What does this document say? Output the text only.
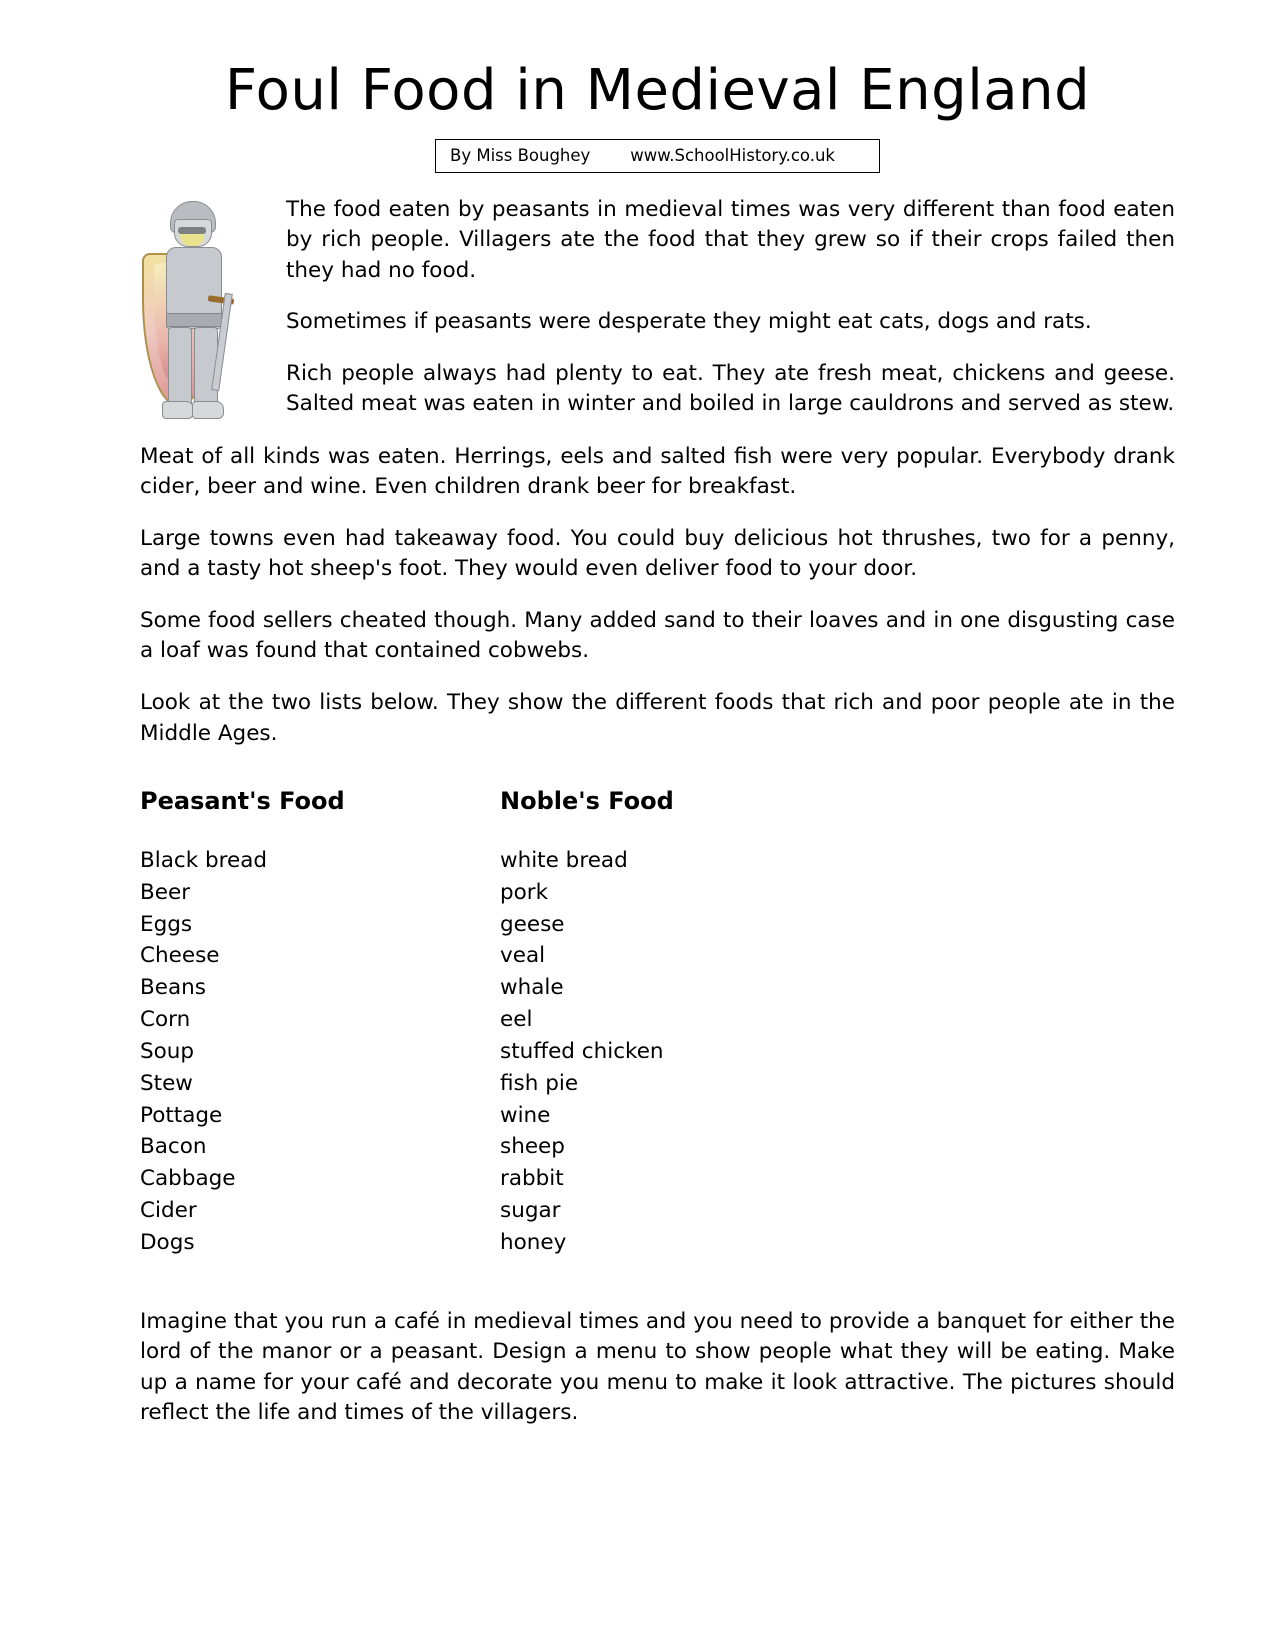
Foul Food in Medieval England
By Miss Boughey www.SchoolHistory.co.uk

The food eaten by peasants in medieval times was very different than food eaten by rich people. Villagers ate the food that they grew so if their crops failed then they had no food.

Sometimes if peasants were desperate they might eat cats, dogs and rats.

Rich people always had plenty to eat. They ate fresh meat, chickens and geese. Salted meat was eaten in winter and boiled in large cauldrons and served as stew.

Meat of all kinds was eaten. Herrings, eels and salted fish were very popular. Everybody drank cider, beer and wine. Even children drank beer for breakfast.

Large towns even had takeaway food. You could buy delicious hot thrushes, two for a penny, and a tasty hot sheep's foot. They would even deliver food to your door.

Some food sellers cheated though. Many added sand to their loaves and in one disgusting case a loaf was found that contained cobwebs.

Look at the two lists below. They show the different foods that rich and poor people ate in the Middle Ages.

Peasant's Food
Black bread
Beer
Eggs
Cheese
Beans
Corn
Soup
Stew
Pottage
Bacon
Cabbage
Cider
Dogs
Noble's Food
white bread
pork
geese
veal
whale
eel
stuffed chicken
fish pie
wine
sheep
rabbit
sugar
honey

Imagine that you run a café in medieval times and you need to provide a banquet for either the lord of the manor or a peasant. Design a menu to show people what they will be eating. Make up a name for your café and decorate you menu to make it look attractive. The pictures should reflect the life and times of the villagers.
